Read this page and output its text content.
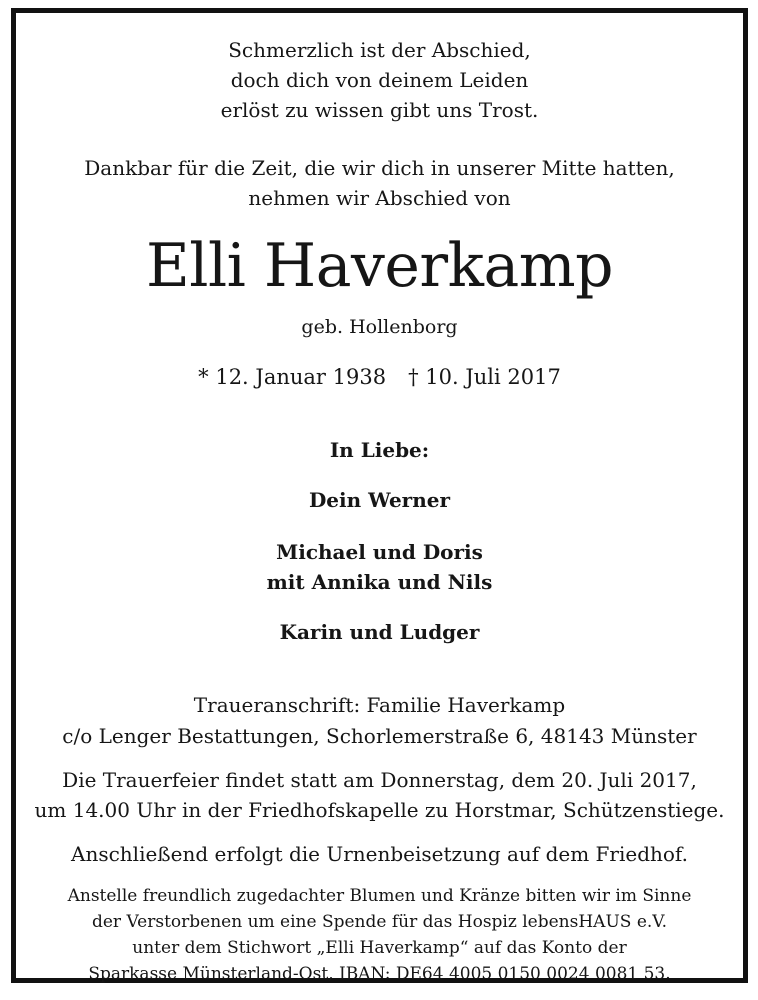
Schmerzlich ist der Abschied,
doch dich von deinem Leiden
erlöst zu wissen gibt uns Trost.
Dankbar für die Zeit, die wir dich in unserer Mitte hatten,
nehmen wir Abschied von
Elli Haverkamp
geb. Hollenborg
* 12. Januar 1938 † 10. Juli 2017
In Liebe:
Dein Werner
Michael und Doris
mit Annika und Nils
Karin und Ludger
Traueranschrift: Familie Haverkamp
c/o Lenger Bestattungen, Schorlemerstraße 6, 48143 Münster
Die Trauerfeier findet statt am Donnerstag, dem 20. Juli 2017,
um 14.00 Uhr in der Friedhofskapelle zu Horstmar, Schützenstiege.
Anschließend erfolgt die Urnenbeisetzung auf dem Friedhof.
Anstelle freundlich zugedachter Blumen und Kränze bitten wir im Sinne
der Verstorbenen um eine Spende für das Hospiz lebensHAUS e.V.
unter dem Stichwort „Elli Haverkamp“ auf das Konto der
Sparkasse Münsterland-Ost, IBAN: DE64 4005 0150 0024 0081 53.
